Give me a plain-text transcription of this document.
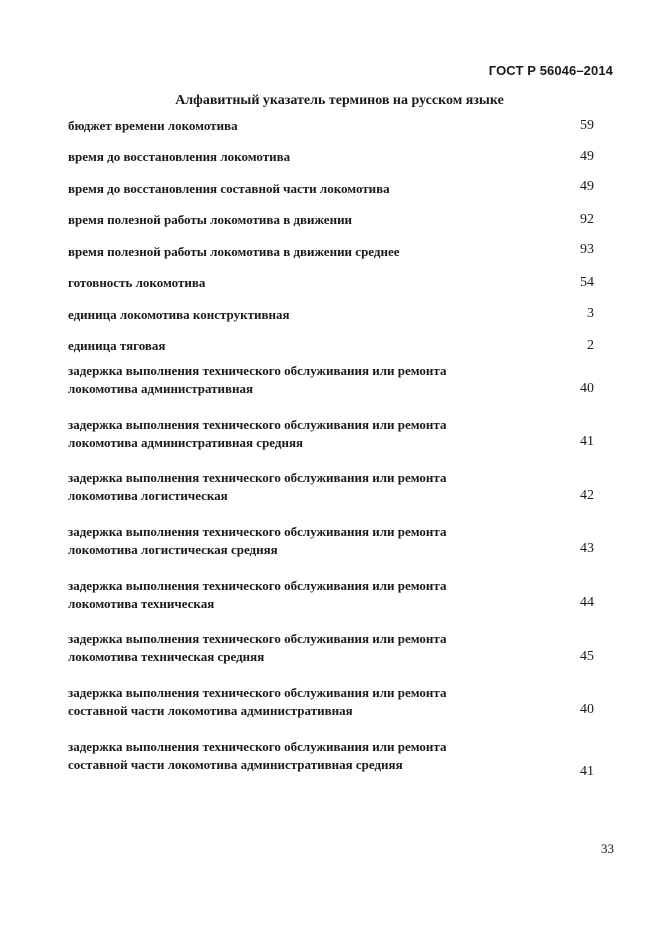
ГОСТ Р 56046–2014
Алфавитный указатель терминов на русском языке
бюджет времени локомотива	59
время до восстановления локомотива	49
время до восстановления составной части локомотива	49
время полезной работы локомотива в движении	92
время полезной работы локомотива в движении среднее	93
готовность локомотива	54
единица локомотива конструктивная	3
единица тяговая	2
задержка выполнения технического обслуживания или ремонта локомотива административная	40
задержка выполнения технического обслуживания или ремонта локомотива административная средняя	41
задержка выполнения технического обслуживания или ремонта локомотива логистическая	42
задержка выполнения технического обслуживания или ремонта локомотива логистическая средняя	43
задержка выполнения технического обслуживания или ремонта локомотива техническая	44
задержка выполнения технического обслуживания или ремонта локомотива техническая средняя	45
задержка выполнения технического обслуживания или ремонта составной части локомотива административная	40
задержка выполнения технического обслуживания или ремонта составной части локомотива административная средняя	41
33
